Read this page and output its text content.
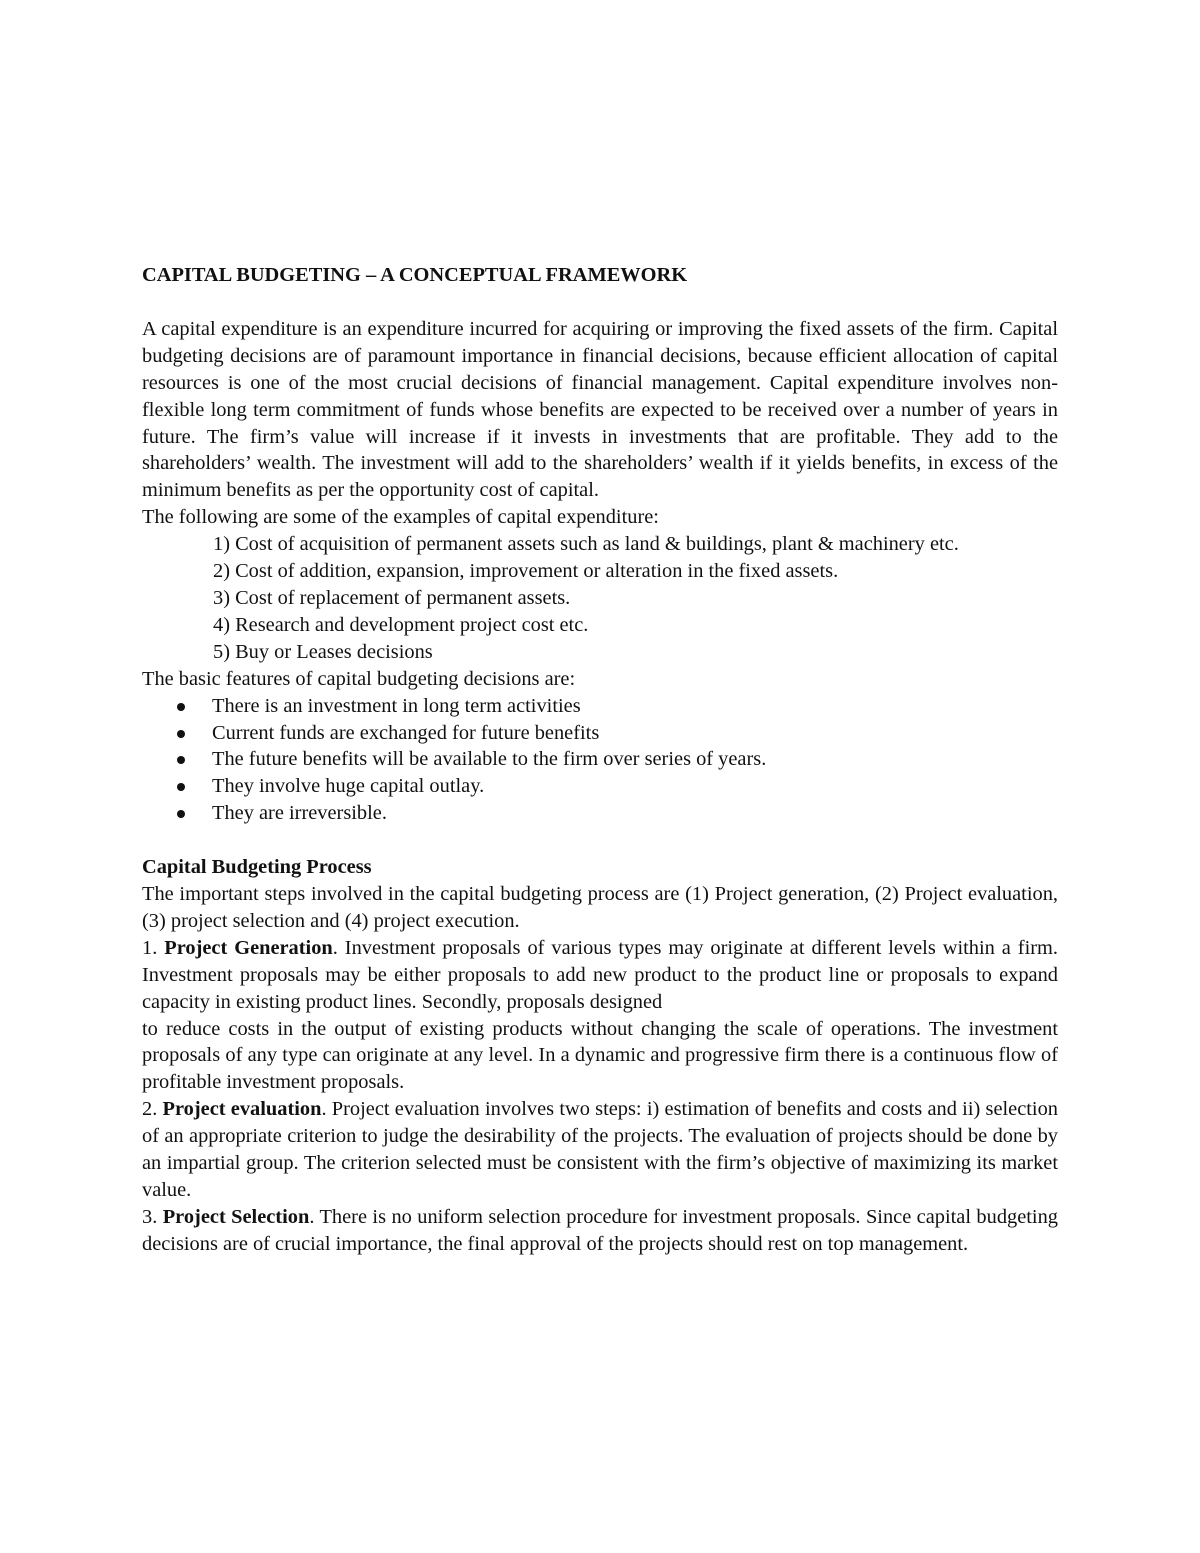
CAPITAL BUDGETING – A CONCEPTUAL FRAMEWORK

A capital expenditure is an expenditure incurred for acquiring or improving the fixed assets of the firm. Capital budgeting decisions are of paramount importance in financial decisions, because efficient allocation of capital resources is one of the most crucial decisions of financial management. Capital expenditure involves non-flexible long term commitment of funds whose benefits are expected to be received over a number of years in future. The firm’s value will increase if it invests in investments that are profitable. They add to the shareholders’ wealth. The investment will add to the shareholders’ wealth if it yields benefits, in excess of the minimum benefits as per the opportunity cost of capital.

The following are some of the examples of capital expenditure:

1) Cost of acquisition of permanent assets such as land & buildings, plant & machinery etc.
2) Cost of addition, expansion, improvement or alteration in the fixed assets.
3) Cost of replacement of permanent assets.
4) Research and development project cost etc.
5) Buy or Leases decisions

The basic features of capital budgeting decisions are:

There is an investment in long term activities
Current funds are exchanged for future benefits
The future benefits will be available to the firm over series of years.
They involve huge capital outlay.
They are irreversible.

Capital Budgeting Process

The important steps involved in the capital budgeting process are (1) Project generation, (2) Project evaluation, (3) project selection and (4) project execution.

1. Project Generation. Investment proposals of various types may originate at different levels within a firm. Investment proposals may be either proposals to add new product to the product line or proposals to expand capacity in existing product lines. Secondly, proposals designed

to reduce costs in the output of existing products without changing the scale of operations. The investment proposals of any type can originate at any level. In a dynamic and progressive firm there is a continuous flow of profitable investment proposals.

2. Project evaluation. Project evaluation involves two steps: i) estimation of benefits and costs and ii) selection of an appropriate criterion to judge the desirability of the projects. The evaluation of projects should be done by an impartial group. The criterion selected must be consistent with the firm’s objective of maximizing its market value.

3. Project Selection. There is no uniform selection procedure for investment proposals. Since capital budgeting decisions are of crucial importance, the final approval of the projects should rest on top management.
